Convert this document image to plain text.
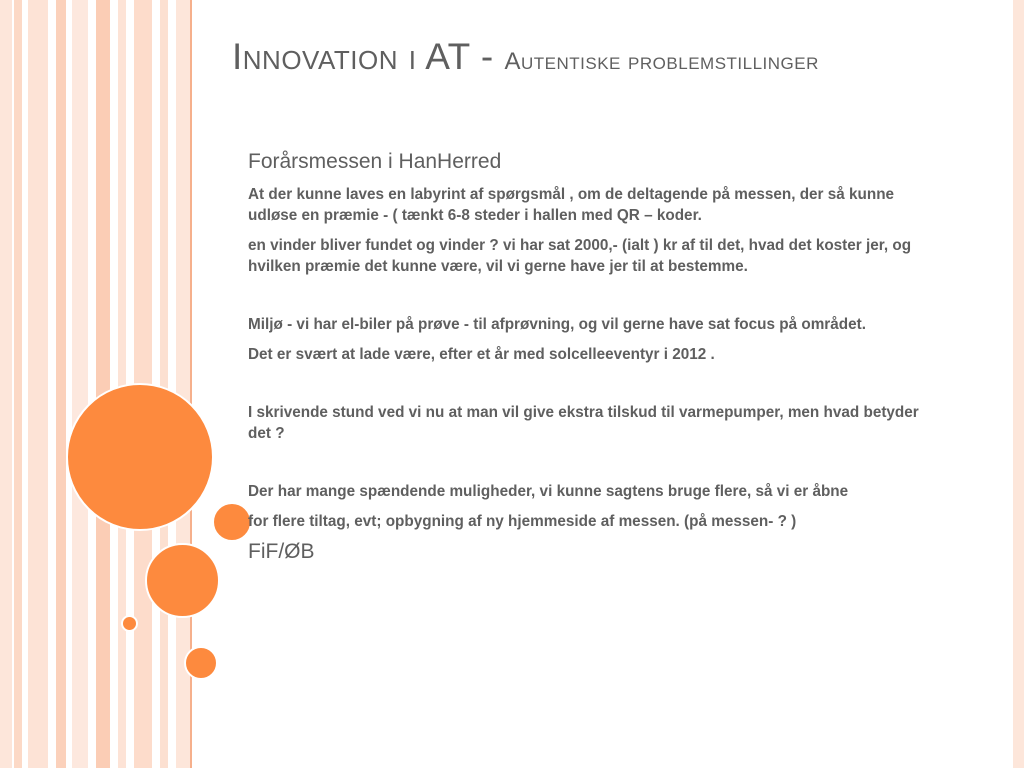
Innovation i AT - Autentiske problemstillinger
Forårsmessen i HanHerred

At der kunne laves en labyrint af spørgsmål , om de deltagende på messen, der så kunne udløse en præmie - ( tænkt 6-8 steder i hallen med QR – koder.

en vinder bliver fundet og vinder ? vi har sat 2000,- (ialt ) kr af til det, hvad det koster jer, og hvilken præmie det kunne være, vil vi gerne have jer til at bestemme.

Miljø - vi har el-biler på prøve - til afprøvning, og vil gerne have sat focus på området.

Det er svært at lade være, efter et år med solcelleeventyr i 2012 .

I skrivende stund ved vi nu at man vil give ekstra tilskud til varmepumper, men hvad betyder det ?

Der har mange spændende muligheder, vi kunne sagtens bruge flere, så vi er åbne

for flere tiltag, evt; opbygning af ny hjemmeside af messen. (på messen- ? )

FiF/ØB
